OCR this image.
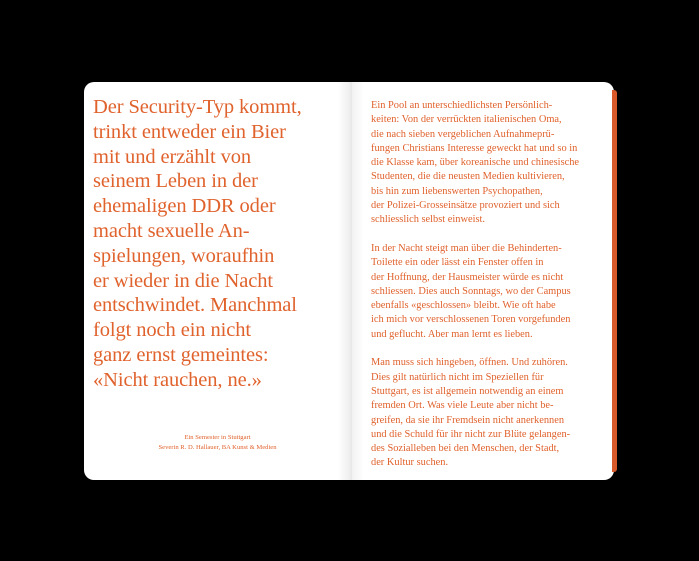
Der Security-Typ kommt,
trinkt entweder ein Bier
mit und erzählt von
seinem Leben in der
ehemaligen DDR oder
macht sexuelle An-
spielungen, woraufhin
er wieder in die Nacht
entschwindet. Manchmal
folgt noch ein nicht
ganz ernst gemeintes:
«Nicht rauchen, ne.»

Ein Semester in Stuttgart
Severin R. D. Hallauer, BA Kunst & Medien

Ein Pool an unterschiedlichsten Persönlich-
keiten: Von der verrückten italienischen Oma,
die nach sieben vergeblichen Aufnahmeprü-
fungen Christians Interesse geweckt hat und so in
die Klasse kam, über koreanische und chinesische
Studenten, die die neusten Medien kultivieren,
bis hin zum liebenswerten Psychopathen,
der Polizei-Grosseinsätze provoziert und sich
schliesslich selbst einweist.

In der Nacht steigt man über die Behinderten-
Toilette ein oder lässt ein Fenster offen in
der Hoffnung, der Hausmeister würde es nicht
schliessen. Dies auch Sonntags, wo der Campus
ebenfalls «geschlossen» bleibt. Wie oft habe
ich mich vor verschlossenen Toren vorgefunden
und geflucht. Aber man lernt es lieben.

Man muss sich hingeben, öffnen. Und zuhören.
Dies gilt natürlich nicht im Speziellen für
Stuttgart, es ist allgemein notwendig an einem
fremden Ort. Was viele Leute aber nicht be-
greifen, da sie ihr Fremdsein nicht anerkennen
und die Schuld für ihr nicht zur Blüte gelangen-
des Sozialleben bei den Menschen, der Stadt,
der Kultur suchen.
